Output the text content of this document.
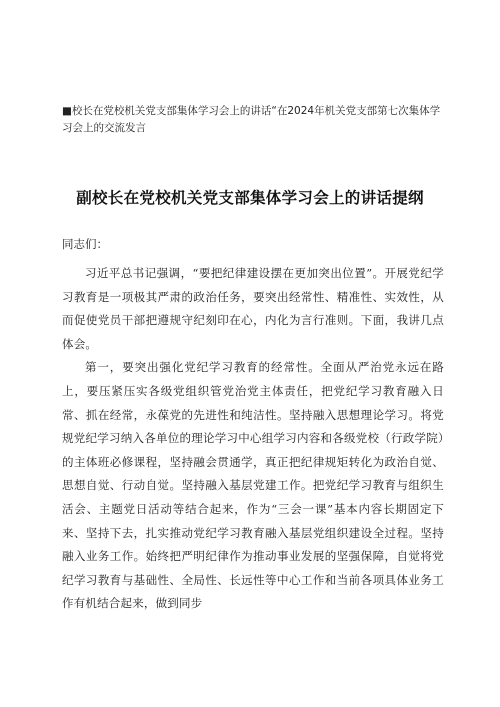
■校长在党校机关党支部集体学习会上的讲话“在2024年机关党支部第七次集体学习会上的交流发言
副校长在党校机关党支部集体学习会上的讲话提纲
同志们：

习近平总书记强调，“要把纪律建设摆在更加突出位置”。开展党纪学习教育是一项极其严肃的政治任务，要突出经常性、精准性、实效性，从而促使党员干部把遵规守纪刻印在心，内化为言行准则。下面，我讲几点体会。

第一，要突出强化党纪学习教育的经常性。全面从严治党永远在路上，要压紧压实各级党组织管党治党主体责任，把党纪学习教育融入日常、抓在经常，永葆党的先进性和纯洁性。坚持融入思想理论学习。将党规党纪学习纳入各单位的理论学习中心组学习内容和各级党校（行政学院）的主体班必修课程，坚持融会贯通学，真正把纪律规矩转化为政治自觉、思想自觉、行动自觉。坚持融入基层党建工作。把党纪学习教育与组织生活会、主题党日活动等结合起来，作为“三会一课”基本内容长期固定下来、坚持下去，扎实推动党纪学习教育融入基层党组织建设全过程。坚持融入业务工作。始终把严明纪律作为推动事业发展的坚强保障，自觉将党纪学习教育与基础性、全局性、长远性等中心工作和当前各项具体业务工作有机结合起来，做到同步
